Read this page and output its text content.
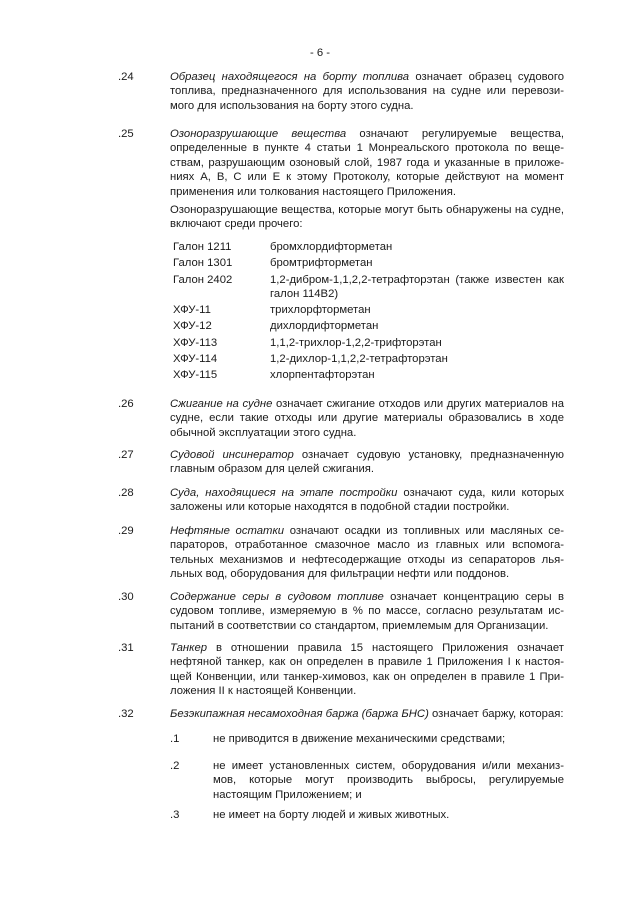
- 6 -
.24	Образец находящегося на борту топлива означает образец судового топлива, предназначенного для использования на судне или перевози-мого для использования на борту этого судна.
.25	Озоноразрушающие вещества означают регулируемые вещества, определенные в пункте 4 статьи 1 Монреальского протокола по веще-ствам, разрушающим озоновый слой, 1987 года и указанные в приложе-ниях А, В, С или Е к этому Протоколу, которые действуют на момент применения или толкования настоящего Приложения.
Озоноразрушающие вещества, которые могут быть обнаружены на судне, включают среди прочего:
Галон 1211	бромхлордифторметан
Галон 1301	бромтрифторметан
Галон 2402	1,2-дибром-1,1,2,2-тетрафторэтан (также известен как галон 114В2)
ХФУ-11	трихлорфторметан
ХФУ-12	дихлордифторметан
ХФУ-113	1,1,2-трихлор-1,2,2-трифторэтан
ХФУ-114	1,2-дихлор-1,1,2,2-тетрафторэтан
ХФУ-115	хлорпентафторэтан
.26	Сжигание на судне означает сжигание отходов или других материалов на судне, если такие отходы или другие материалы образовались в ходе обычной эксплуатации этого судна.
.27	Судовой инсинератор означает судовую установку, предназначенную главным образом для целей сжигания.
.28	Суда, находящиеся на этапе постройки означают суда, кили которых заложены или которые находятся в подобной стадии постройки.
.29	Нефтяные остатки означают осадки из топливных или масляных се-параторов, отработанное смазочное масло из главных или вспомога-тельных механизмов и нефтесодержащие отходы из сепараторов лья-льных вод, оборудования для фильтрации нефти или поддонов.
.30	Содержание серы в судовом топливе означает концентрацию серы в судовом топливе, измеряемую в % по массе, согласно результатам ис-пытаний в соответствии со стандартом, приемлемым для Организации.
.31	Танкер в отношении правила 15 настоящего Приложения означает нефтяной танкер, как он определен в правиле 1 Приложения I к настоя-щей Конвенции, или танкер-химовоз, как он определен в правиле 1 При-ложения II к настоящей Конвенции.
.32	Безэкипажная несамоходная баржа (баржа БНС) означает баржу, которая:
.1	не приводится в движение механическими средствами;
.2	не имеет установленных систем, оборудования и/или механиз-мов, которые могут производить выбросы, регулируемые настоящим Приложением; и
.3	не имеет на борту людей и живых животных.
